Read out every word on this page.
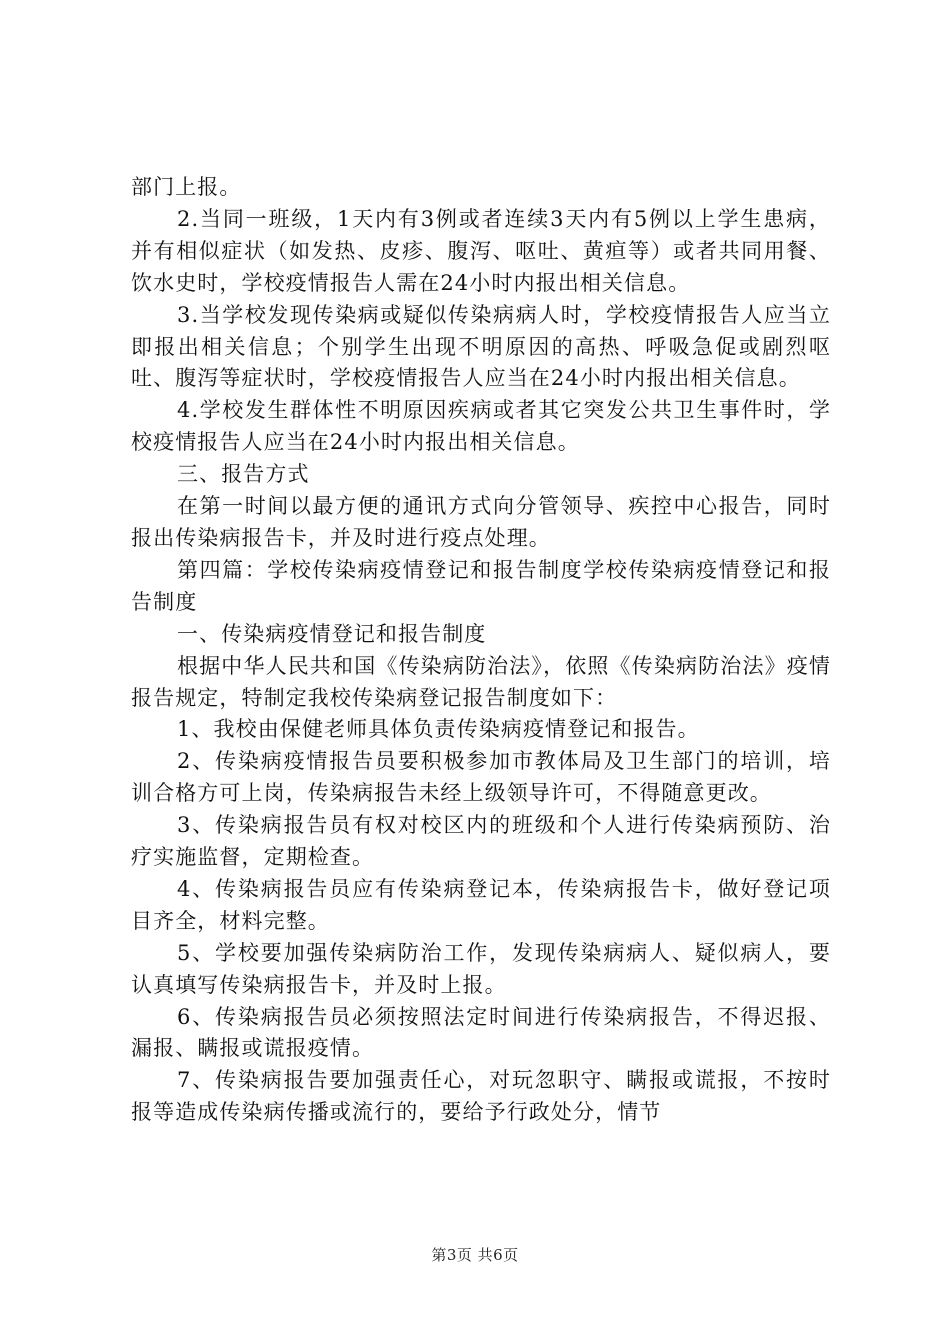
部门上报。

2.当同一班级，1天内有3例或者连续3天内有5例以上学生患病，并有相似症状（如发热、皮疹、腹泻、呕吐、黄疸等）或者共同用餐、饮水史时，学校疫情报告人需在24小时内报出相关信息。

3.当学校发现传染病或疑似传染病病人时，学校疫情报告人应当立即报出相关信息；个别学生出现不明原因的高热、呼吸急促或剧烈呕吐、腹泻等症状时，学校疫情报告人应当在24小时内报出相关信息。

4.学校发生群体性不明原因疾病或者其它突发公共卫生事件时，学校疫情报告人应当在24小时内报出相关信息。

三、报告方式

在第一时间以最方便的通讯方式向分管领导、疾控中心报告，同时报出传染病报告卡，并及时进行疫点处理。

第四篇：学校传染病疫情登记和报告制度学校传染病疫情登记和报告制度

一、传染病疫情登记和报告制度

根据中华人民共和国《传染病防治法》，依照《传染病防治法》疫情报告规定，特制定我校传染病登记报告制度如下：

1、我校由保健老师具体负责传染病疫情登记和报告。

2、传染病疫情报告员要积极参加市教体局及卫生部门的培训，培训合格方可上岗，传染病报告未经上级领导许可，不得随意更改。

3、传染病报告员有权对校区内的班级和个人进行传染病预防、治疗实施监督，定期检查。

4、传染病报告员应有传染病登记本，传染病报告卡，做好登记项目齐全，材料完整。

5、学校要加强传染病防治工作，发现传染病病人、疑似病人，要认真填写传染病报告卡，并及时上报。

6、传染病报告员必须按照法定时间进行传染病报告，不得迟报、漏报、瞒报或谎报疫情。

7、传染病报告要加强责任心，对玩忽职守、瞒报或谎报，不按时报等造成传染病传播或流行的，要给予行政处分，情节

第3页 共6页
